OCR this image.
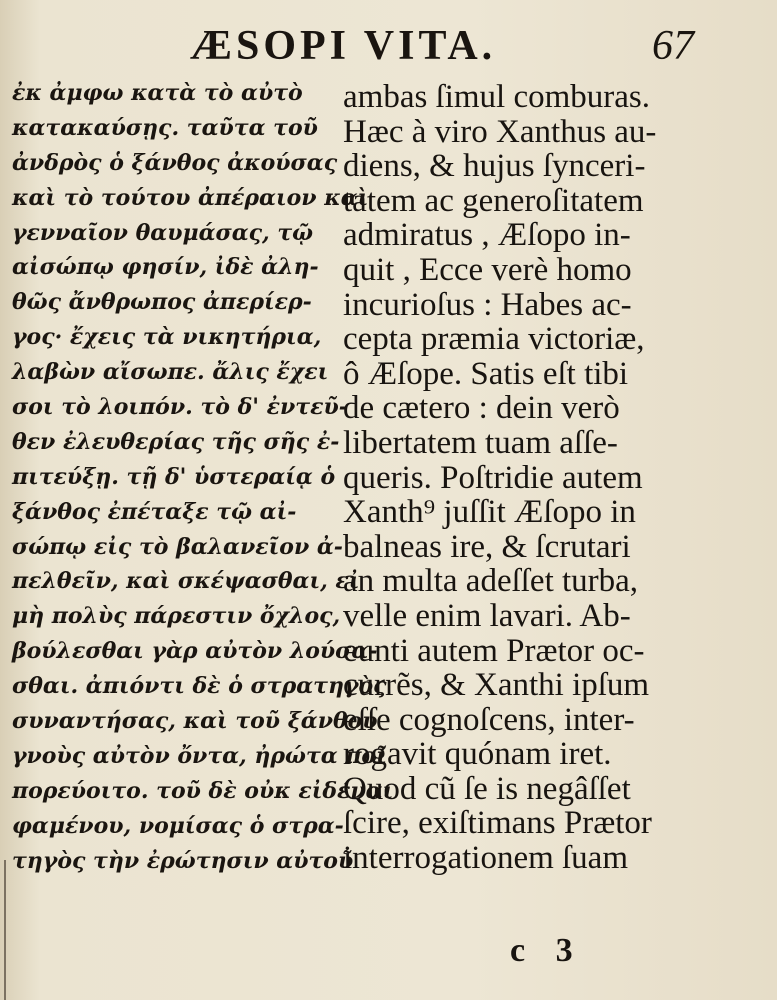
ÆSOPI VITA.	67
ἐκ ἀμφω κατὰ τὸ αὐτὸ
κατακαύσῃς. ταῦτα τοῦ
ἀνδρὸς ὁ ξάνθος ἀκούσας
καὶ τὸ τούτου ἀπέραιον καὶ
γενναῖον θαυμάσας, τῷ
αἰσώπῳ φησίν, ἰδὲ ἀλη-
θῶς ἄνθρωπος ἀπερίερ-
γος· ἔχεις τὰ νικητήρια,
λαβὼν αἴσωπε. ἄλις ἔχει
σοι τὸ λοιπόν. τὸ δ' ἐντεῦ-
θεν ἐλευθερίας τῆς σῆς ἐ-
πιτεύξῃ. τῇ δ' ὑστεραίᾳ ὁ
ξάνθος ἐπέταξε τῷ αἰ-
σώπῳ εἰς τὸ βαλανεῖον ἀ-
πελθεῖν, καὶ σκέψασθαι, εἰ
μὴ πολὺς πάρεστιν ὄχλος,
βούλεσθαι γὰρ αὐτὸν λούσα-
σθαι. ἀπιόντι δὲ ὁ στρατηγὸς
συναντήσας, καὶ τοῦ ξάνθου
γνοὺς αὐτὸν ὄντα, ἠρώτα ποῖ
πορεύοιτο. τοῦ δὲ οὐκ εἰδέναι
φαμένου, νομίσας ὁ στρα-
τηγὸς τὴν ἐρώτησιν αὐτοῦ
ambas ſimul comburas.
Hæc à viro Xanthus au-
diens, & hujus ſynceri-
tatem ac generoſitatem
admiratus , Æſopo in-
quit , Ecce verè homo
incurioſus : Habes ac-
cepta præmia victoriæ,
ô Æſope. Satis eſt tibi
de cætero : dein verò
libertatem tuam aſſe-
queris. Poſtridie autem
Xanth⁹ juſſit Æſopo in
balneas ire, & ſcrutari
an multa adeſſet turba,
velle enim lavari. Ab-
eunti autem Prætor oc-
currẽs, & Xanthi ipſum
eſſe cognoſcens, inter-
rogavit quónam iret.
Quod cũ ſe is negâſſet
ſcire, exiſtimans Prætor
interrogationem ſuam
c 3
